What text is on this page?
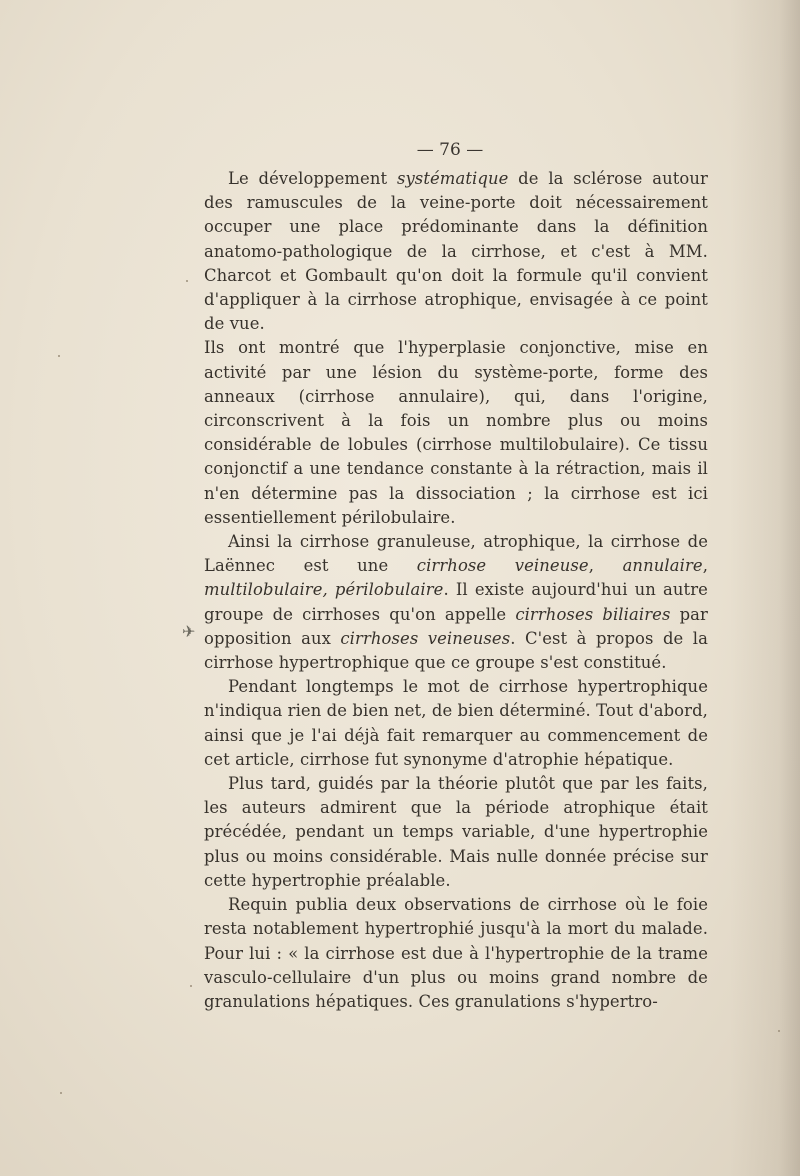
— 76 —
✈

Le développement systématique de la sclérose autour des ramuscules de la veine-porte doit nécessairement occuper une place prédominante dans la définition anatomo-pathologique de la cirrhose, et c'est à MM. Charcot et Gombault qu'on doit la formule qu'il convient d'appliquer à la cirrhose atrophique, envisagée à ce point de vue.

Ils ont montré que l'hyperplasie conjonctive, mise en activité par une lésion du système-porte, forme des anneaux (cirrhose annulaire), qui, dans l'origine, circonscrivent à la fois un nombre plus ou moins considérable de lobules (cirrhose multilobulaire). Ce tissu conjonctif a une tendance constante à la rétraction, mais il n'en détermine pas la dissociation ; la cirrhose est ici essentiellement périlobulaire.

Ainsi la cirrhose granuleuse, atrophique, la cirrhose de Laënnec est une cirrhose veineuse, annulaire, multilobulaire, périlobulaire. Il existe aujourd'hui un autre groupe de cirrhoses qu'on appelle cirrhoses biliaires par opposition aux cirrhoses veineuses. C'est à propos de la cirrhose hypertrophique que ce groupe s'est constitué.

Pendant longtemps le mot de cirrhose hypertrophique n'indiqua rien de bien net, de bien déterminé. Tout d'abord, ainsi que je l'ai déjà fait remarquer au commencement de cet article, cirrhose fut synonyme d'atrophie hépatique.

Plus tard, guidés par la théorie plutôt que par les faits, les auteurs admirent que la période atrophique était précédée, pendant un temps variable, d'une hypertrophie plus ou moins considérable. Mais nulle donnée précise sur cette hypertrophie préalable.

Requin publia deux observations de cirrhose où le foie resta notablement hypertrophié jusqu'à la mort du malade. Pour lui : « la cirrhose est due à l'hypertrophie de la trame vasculo-cellulaire d'un plus ou moins grand nombre de granulations hépatiques. Ces granulations s'hypertro-
